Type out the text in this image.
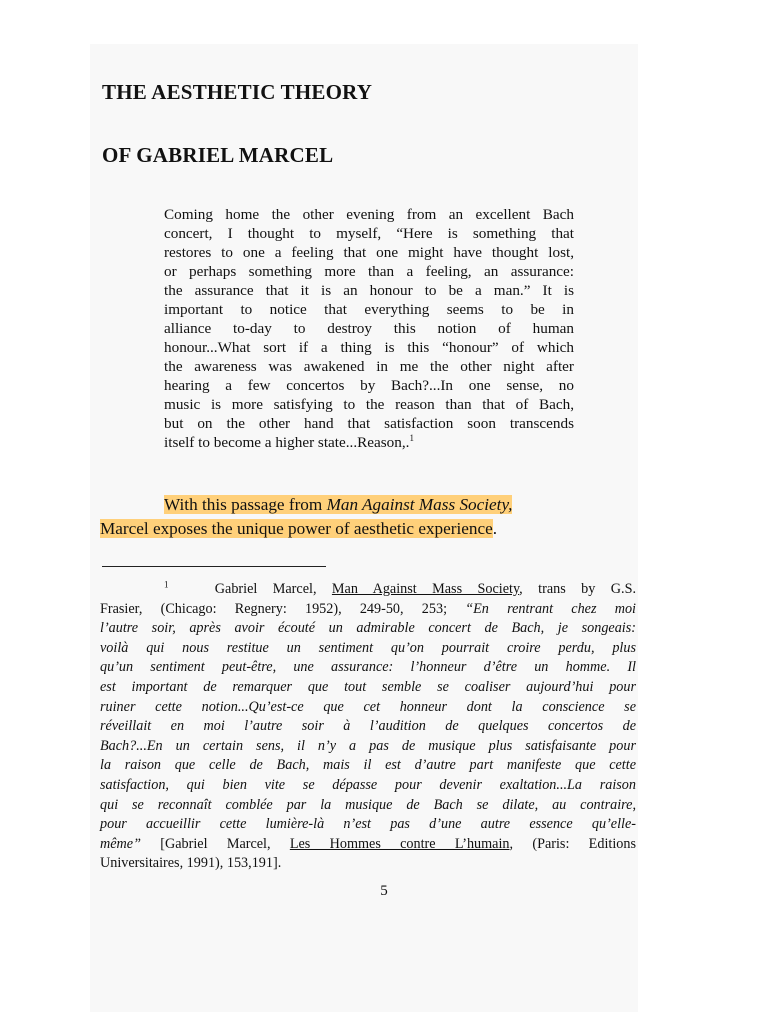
THE AESTHETIC THEORY
OF GABRIEL MARCEL
Coming home the other evening from an excellent Bach
concert, I thought to myself, “Here is something that
restores to one a feeling that one might have thought lost,
or perhaps something more than a feeling, an assurance:
the assurance that it is an honour to be a man.” It is
important to notice that everything seems to be in
alliance to-day to destroy this notion of human
honour...What sort if a thing is this “honour” of which
the awareness was awakened in me the other night after
hearing a few concertos by Bach?...In one sense, no
music is more satisfying to the reason than that of Bach,
but on the other hand that satisfaction soon transcends
itself to become a higher state...Reason,.$^1$
With this passage from Man Against Mass Society,
Marcel exposes the unique power of aesthetic experience.
$^1$	Gabriel Marcel, Man Against Mass Society, trans by G.S.
Frasier, (Chicago: Regnery: 1952), 249-50, 253; “En rentrant chez moi
l’autre soir, après avoir écouté un admirable concert de Bach, je songeais:
voilà qui nous restitue un sentiment qu’on pourrait croire perdu, plus
qu’un sentiment peut-être, une assurance: l’honneur d’être un homme. Il
est important de remarquer que tout semble se coaliser aujourd’hui pour
ruiner cette notion...Qu’est-ce que cet honneur dont la conscience se
réveillait en moi l’autre soir à l’audition de quelques concertos de
Bach?...En un certain sens, il n’y a pas de musique plus satisfaisante pour
la raison que celle de Bach, mais il est d’autre part manifeste que cette
satisfaction, qui bien vite se dépasse pour devenir exaltation...La raison
qui se reconnaît comblée par la musique de Bach se dilate, au contraire,
pour accueillir cette lumière-là n’est pas d’une autre essence qu’elle-
même” [Gabriel Marcel, Les Hommes contre L’humain, (Paris: Editions
Universitaires, 1991), 153,191].
5
